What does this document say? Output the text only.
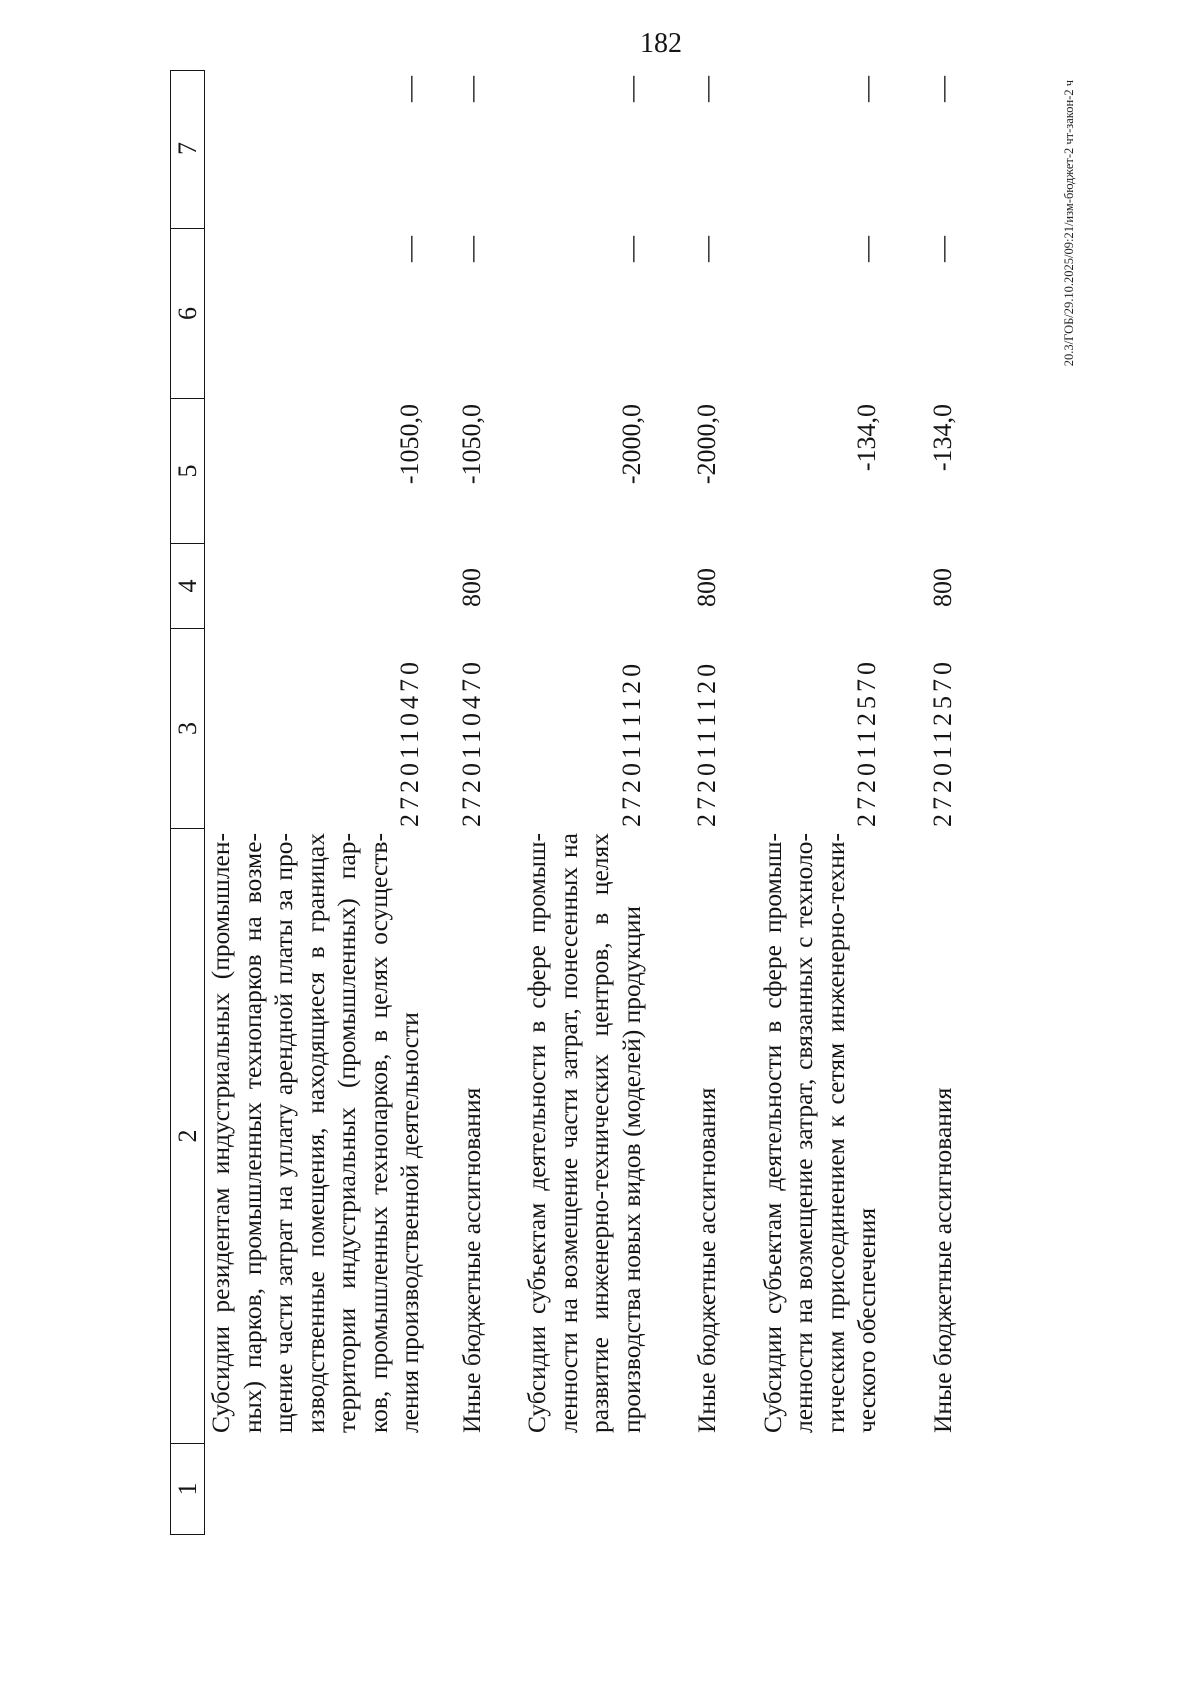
182
1
2
3
4
5
6
7
Субсидии резидентам индустриальных (промышлен- ных) парков, промышленных технопарков на возме- щение части затрат на уплату арендной платы за про- изводственные помещения, находящиеся в границах территории индустриальных (промышленных) пар- ков, промышленных технопарков, в целях осуществ- ления производственной деятельности
2720110470
-1050,0
—
—
Иные бюджетные ассигнования
2720110470
800
-1050,0
—
—
Субсидии субъектам деятельности в сфере промыш- ленности на возмещение части затрат, понесенных на развитие инженерно-технических центров, в целях производства новых видов (моделей) продукции
2720111120
-2000,0
—
—
Иные бюджетные ассигнования
2720111120
800
-2000,0
—
—
Субсидии субъектам деятельности в сфере промыш- ленности на возмещение затрат, связанных с техноло- гическим присоединением к сетям инженерно-техни- ческого обеспечения
2720112570
-134,0
—
—
Иные бюджетные ассигнования
2720112570
800
-134,0
—
—	20.3/ГОБ/29.10.2025/09:21/изм-бюджет-2 чт-закон-2 ч
